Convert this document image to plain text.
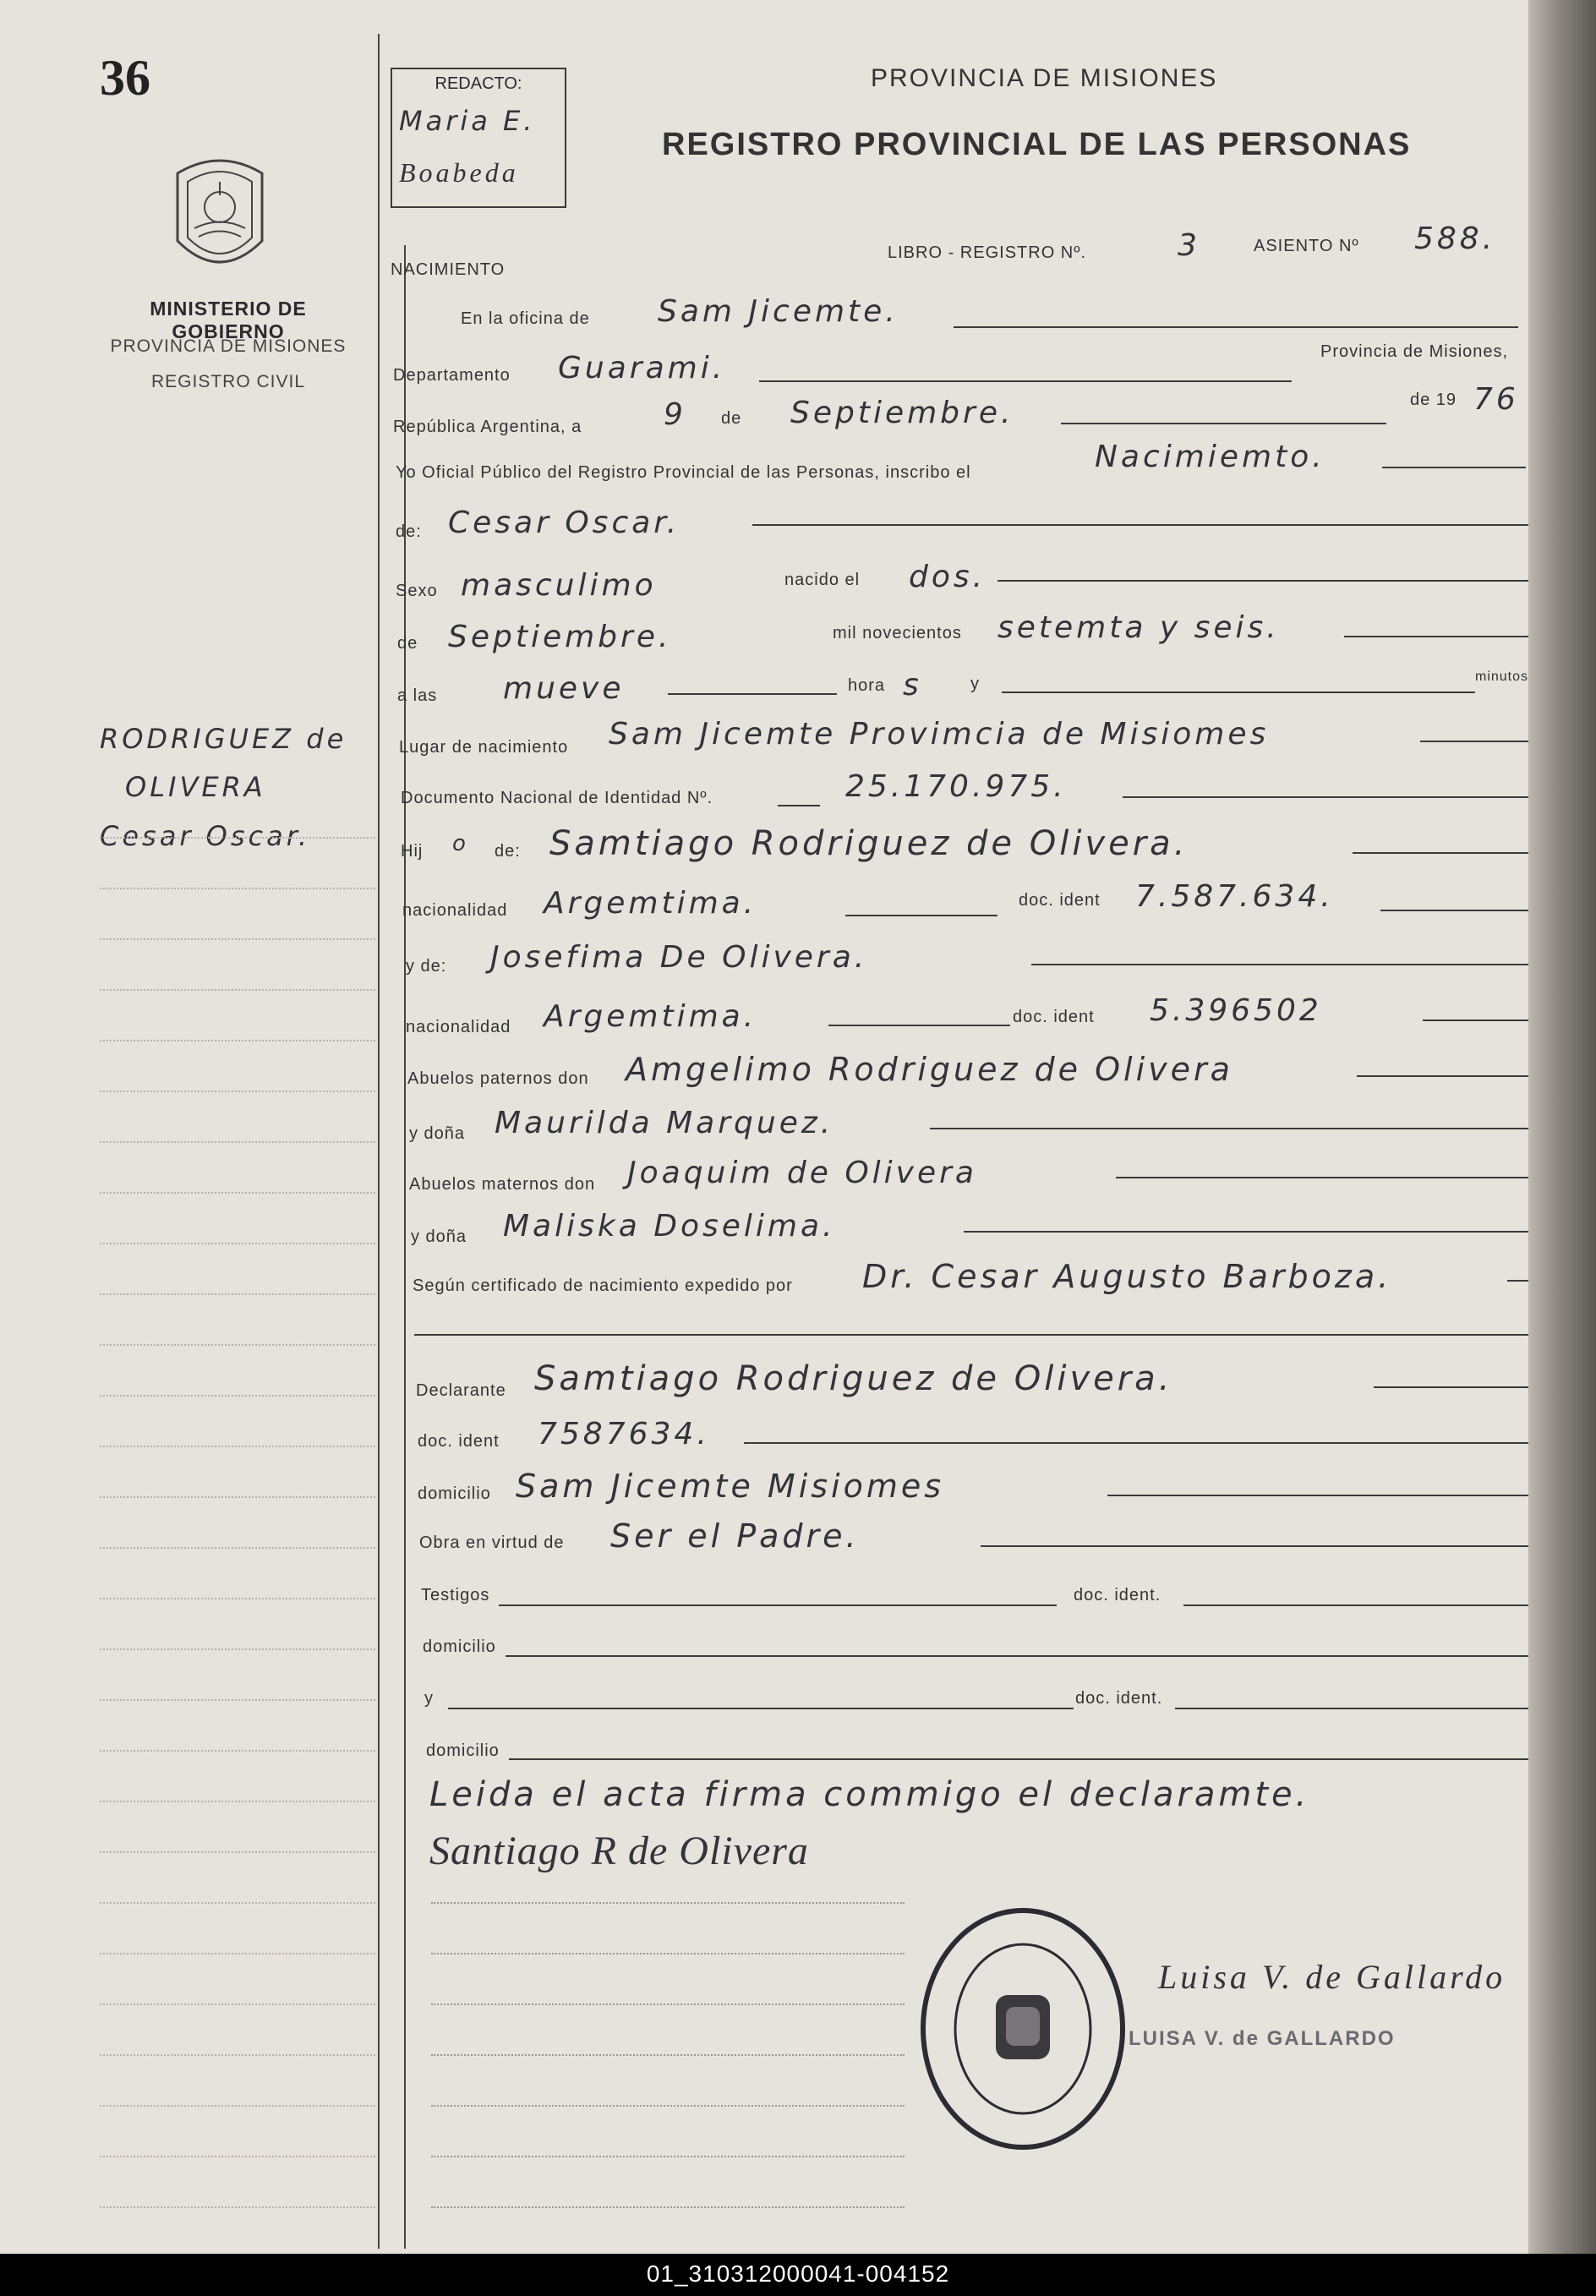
36
MINISTERIO DE GOBIERNO
PROVINCIA DE MISIONES
REGISTRO CIVIL
RODRIGUEZ de
OLIVERA
Cesar Oscar.
REDACTO:
Maria E.
Boabeda
PROVINCIA DE MISIONES
REGISTRO PROVINCIAL DE LAS PERSONAS
NACIMIENTO
LIBRO - REGISTRO Nº.	3	ASIENTO Nº 588.
En la oficina de Sam Jicemte.
Departamento Guarami.	Provincia de Misiones,
República Argentina, a	9 de Septiembre.	de 19 76
Yo Oficial Público del Registro Provincial de las Personas, inscribo el	Nacimiemto.
de: Cesar Oscar.
Sexo masculimo	nacido el dos.
de Septiembre.	mil novecientos setemta y seis.
a las mueve	hora s	y	minutos
Lugar de nacimiento Sam Jicemte Provimcia de Misiomes
Documento Nacional de Identidad Nº.	25.170.975.
Hij o de: Samtiago Rodriguez de Olivera.
nacionalidad Argemtima.	doc. ident 7.587.634.
y de: Josefima De Olivera.
nacionalidad Argemtima.	doc. ident 5.396502
Abuelos paternos don Amgelimo Rodriguez de Olivera
y doña Maurilda Marquez.
Abuelos maternos don Joaquim de Olivera
y doña Maliska Doselima.
Según certificado de nacimiento expedido por Dr. Cesar Augusto Barboza.
Declarante Samtiago Rodriguez de Olivera.
doc. ident 7587634.
domicilio Sam Jicemte Misiomes
Obra en virtud de Ser el Padre.
Testigos	doc. ident.
domicilio
y	doc. ident.
domicilio
Leida el acta firma commigo el declaramte.
Santiago R de Olivera
Luisa V. de Gallardo
LUISA V. de GALLARDO
01_310312000041-004152
